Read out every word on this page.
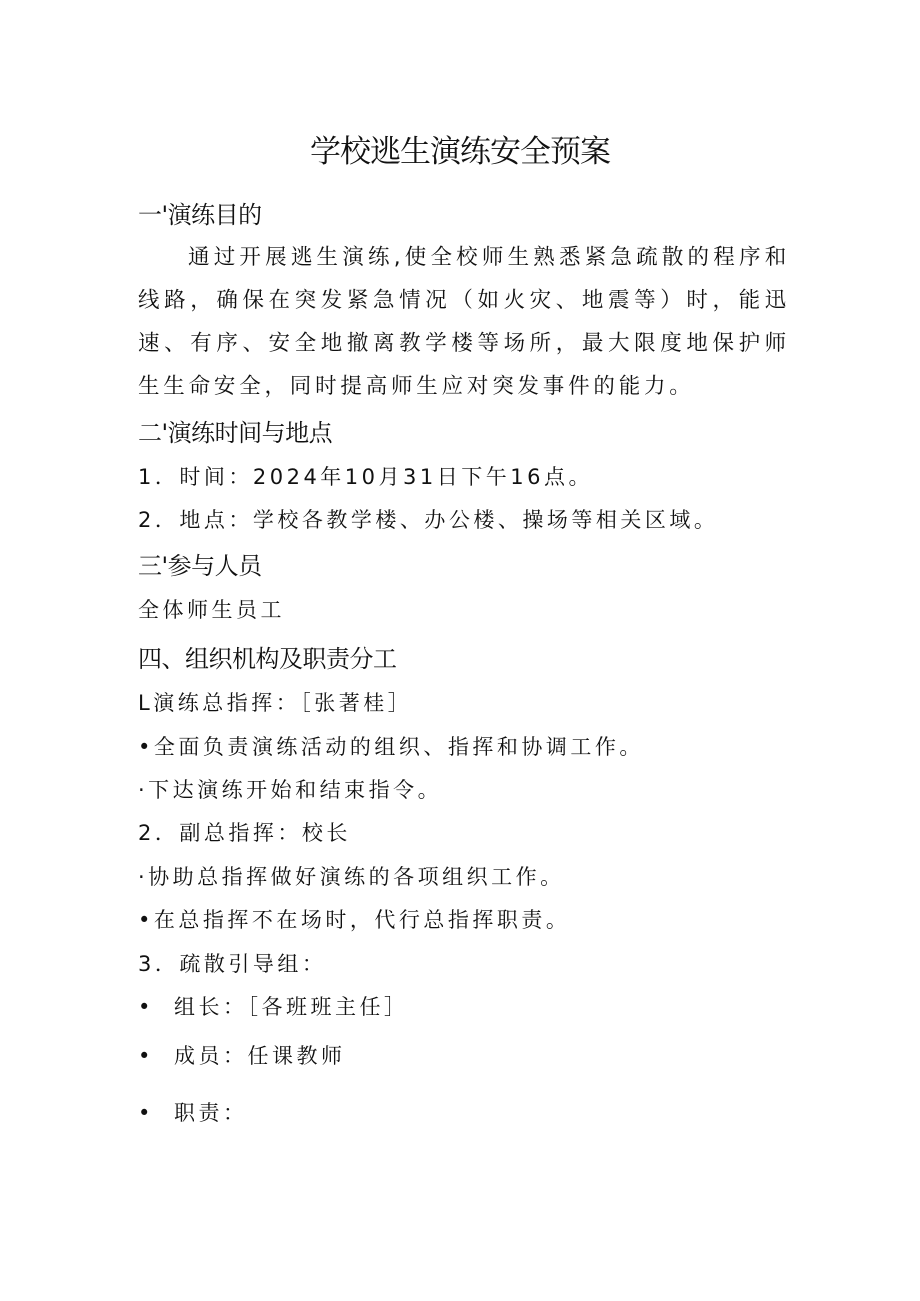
学校逃生演练安全预案
一'演练目的

通过开展逃生演练,使全校师生熟悉紧急疏散的程序和线路，确保在突发紧急情况（如火灾、地震等）时，能迅速、有序、安全地撤离教学楼等场所，最大限度地保护师生生命安全，同时提高师生应对突发事件的能力。

二'演练时间与地点
1．时间：2024年10月31日下午16点。
2．地点：学校各教学楼、办公楼、操场等相关区域。
三'参与人员
全体师生员工
四、组织机构及职责分工
L演练总指挥：［张著桂］
•全面负责演练活动的组织、指挥和协调工作。
·下达演练开始和结束指令。
2．副总指挥：校长
·协助总指挥做好演练的各项组织工作。
•在总指挥不在场时，代行总指挥职责。
3．疏散引导组：
• 组长：［各班班主任］
• 成员：任课教师
• 职责：
